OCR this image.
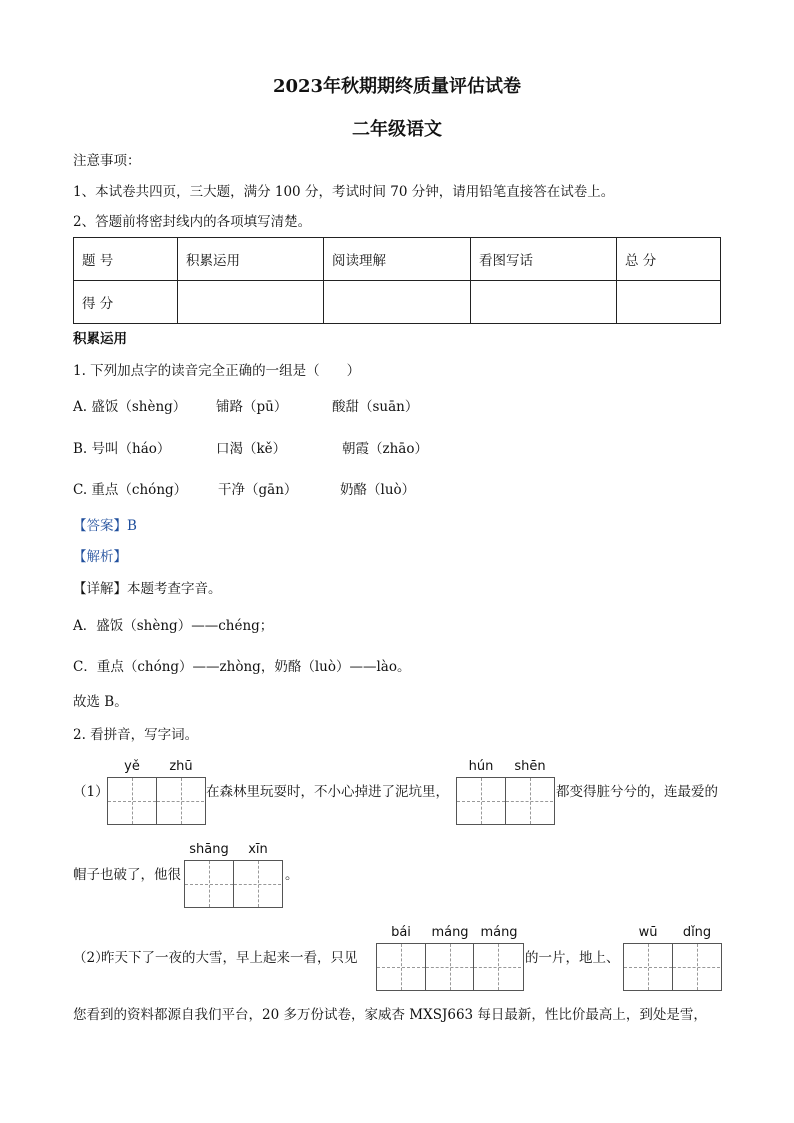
2023年秋期期终质量评估试卷
二年级语文
注意事项：
1、本试卷共四页，三大题，满分 100 分，考试时间 70 分钟，请用铅笔直接答在试卷上。
2、答题前将密封线内的各项填写清楚。
题 号	积累运用	阅读理解	看图写话	总 分
得 分				
积累运用
1. 下列加点字的读音完全正确的一组是（　　）
A. 盛饭（shèng） 铺路（pū）	酸甜（suān）
B. 号叫（háo）	口渴（kě）	朝霞（zhāo）
C. 重点（chóng） 干净（gān）	奶酪（luò）
【答案】B
【解析】
【详解】本题考查字音。
A．盛饭（shèng）——chéng；
C．重点（chóng）——zhòng，奶酪（luò）——lào。
故选 B。
2. 看拼音，写字词。
（1）
yě	zhū
在森林里玩耍时，不小心掉进了泥坑里，
hún	shēn
都变得脏兮兮的，连最爱的
帽子也破了，他很
shāng	xīn
。
（2）
昨天下了一夜的大雪，早上起来一看，只见
bái	máng máng
的一片，地上、
wū	dǐng
您看到的资料都源自我们平台，20 多万份试卷，家威杏 MXSJ663 每日最新，性比价最高上，到处是雪，
